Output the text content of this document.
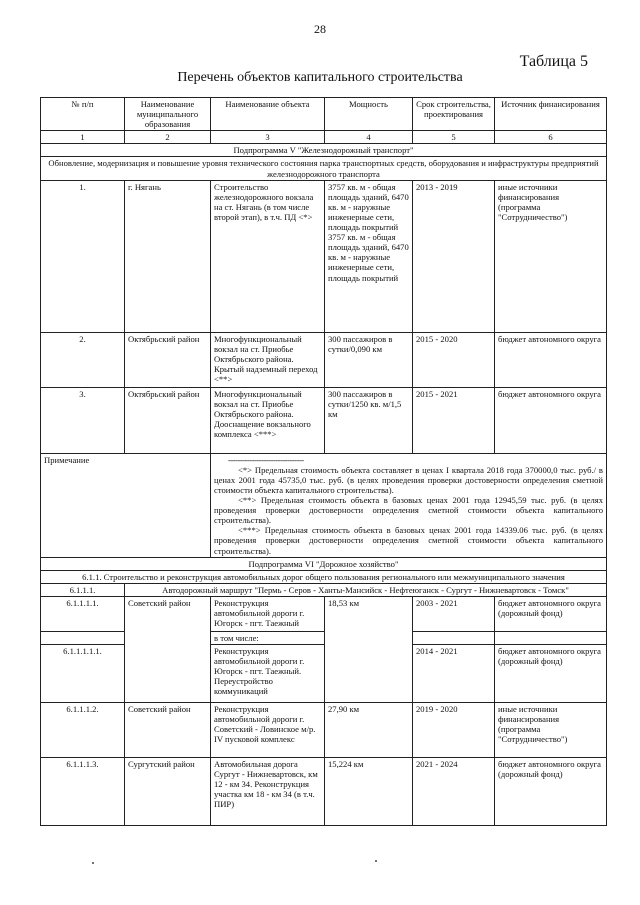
28
Таблица 5
Перечень объектов капитального строительства
№ п/п	Наименование муниципального образования	Наименование объекта	Мощность	Срок строительства, проектирования	Источник финансирования
1	2	3	4	5	6
Подпрограмма V "Железнодорожный транспорт"					
Обновление, модернизация и повышение уровня технического состояния парка транспортных средств, оборудования и инфраструктуры предприятий железнодорожного транспорта					
1.	г. Нягань	Строительство железнодорожного вокзала на ст. Нягань (в том числе второй этап), в т.ч. ПД <*>	3757 кв. м - общая площадь зданий, 6470 кв. м - наружные инженерные сети, площадь покрытий 3757 кв. м - общая площадь зданий, 6470 кв. м - наружные инженерные сети, площадь покрытий	2013 - 2019	иные источники финансирования (программа "Сотрудничество")
2.	Октябрьский район	Многофункциональный вокзал на ст. Приобье Октябрьского района. Крытый надземный переход <**>	300 пассажиров в сутки/0,090 км	2015 - 2020	бюджет автономного округа
3.	Октябрьский район	Многофункциональный вокзал на ст. Приобье Октябрьского района. Дооснащение вокзального комплекса <***>	300 пассажиров в сутки/1250 кв. м/1,5 км	2015 - 2021	бюджет автономного округа
Примечание		--------------------------------
<*> Предельная стоимость объекта составляет в ценах I квартала 2018 года 370000,0 тыс. руб./ в ценах 2001 года 45735,0 тыс. руб. (в целях проведения проверки достоверности определения сметной стоимости объекта капитального строительства).
<**> Предельная стоимость объекта в базовых ценах 2001 года 12945,59 тыс. руб. (в целях проведения проверки достоверности определения сметной стоимости объекта капитального строительства).
<***> Предельная стоимость объекта в базовых ценах 2001 года 14339.06 тыс. руб. (в целях проведения проверки достоверности определения сметной стоимости объекта капитального строительства).			

Подпрограмма VI "Дорожное хозяйство"					
6.1.1. Строительство и реконструкция автомобильных дорог общего пользования регионального или межмуниципального значения					
6.1.1.1.	Автодорожный маршрут "Пермь - Серов - Ханты-Мансийск - Нефтеюганск - Сургут - Нижневартовск - Томск"				
6.1.1.1.1.	Советский район	Реконструкция автомобильной дороги г. Югорск - пгт. Таежный	18,53 км	2003 - 2021	бюджет автономного округа (дорожный фонд)
		в том числе:			
6.1.1.1.1.1.		Реконструкция автомобильной дороги г. Югорск - пгт. Таежный. Переустройство коммуникаций		2014 - 2021	бюджет автономного округа (дорожный фонд)
6.1.1.1.2.	Советский район	Реконструкция автомобильной дороги г. Советский - Ловинское м/р. IV пусковой комплекс	27,90 км	2019 - 2020	иные источники финансирования (программа "Сотрудничество")
6.1.1.1.3.	Сургутский район	Автомобильная дорога Сургут - Нижневартовск, км 12 - км 34. Реконструкция участка км 18 - км 34 (в т.ч. ПИР)	15,224 км	2021 - 2024	бюджет автономного округа (дорожный фонд)
